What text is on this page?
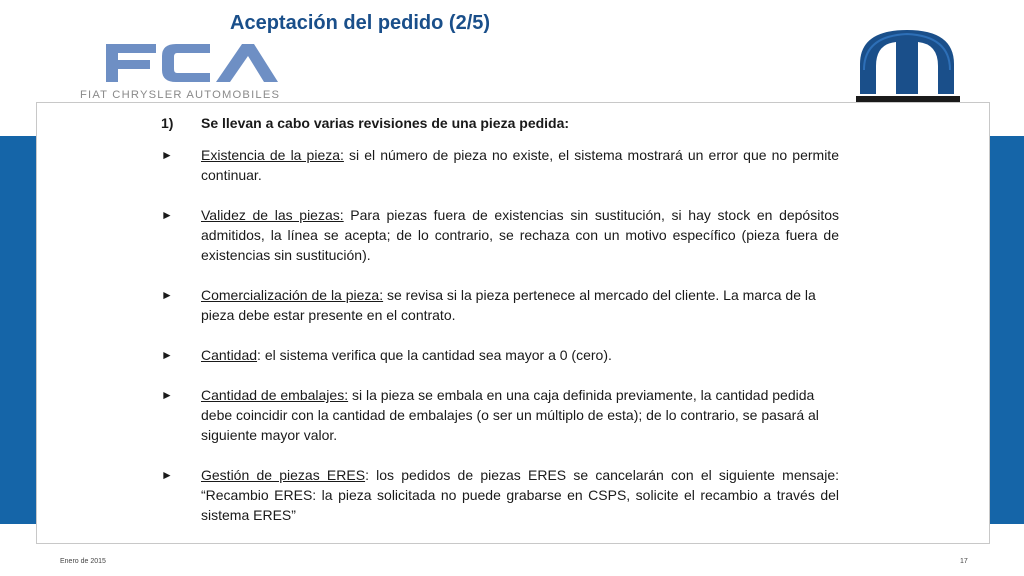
Aceptación del pedido (2/5)
FIAT CHRYSLER AUTOMOBILES
1)	Se llevan a cabo varias revisiones de una pieza pedida:
►	Existencia de la pieza: si el número de pieza no existe, el sistema mostrará un error que no permite continuar.
►	Validez de las piezas: Para piezas fuera de existencias sin sustitución, si hay stock en depósitos admitidos, la línea se acepta; de lo contrario, se rechaza con un motivo específico (pieza fuera de existencias sin sustitución).
►	Comercialización de la pieza: se revisa si la pieza pertenece al mercado del cliente. La marca de la pieza debe estar presente en el contrato.
►	Cantidad: el sistema verifica que la cantidad sea mayor a 0 (cero).
►	Cantidad de embalajes: si la pieza se embala en una caja definida previamente, la cantidad pedida debe coincidir con la cantidad de embalajes (o ser un múltiplo de esta); de lo contrario, se pasará al siguiente mayor valor.
►	Gestión de piezas ERES: los pedidos de piezas ERES se cancelarán con el siguiente mensaje: “Recambio ERES: la pieza solicitada no puede grabarse en CSPS, solicite el recambio a través del sistema ERES”
Enero de 2015	17
